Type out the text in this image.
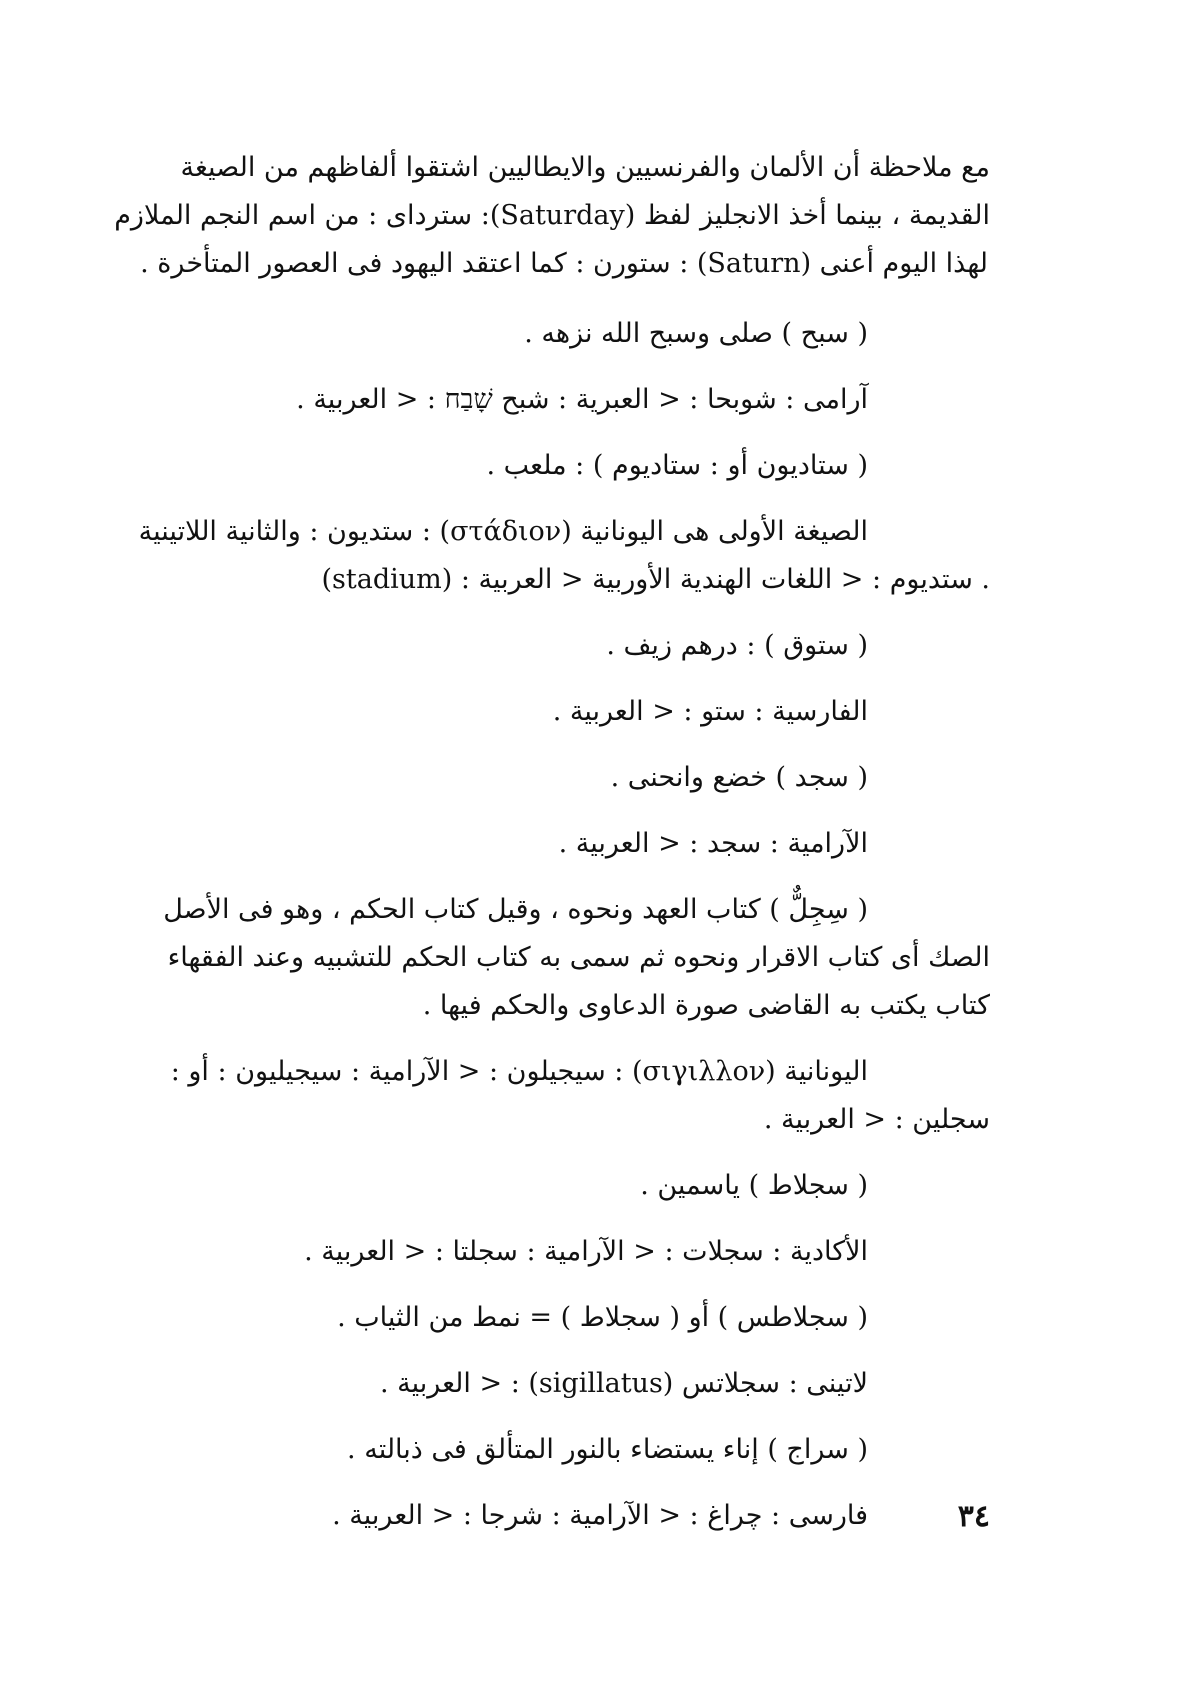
مع ملاحظة أن الألمان والفرنسيين والايطاليين اشتقوا ألفاظهم من الصيغة
القديمة ، بينما أخذ الانجليز لفظ (Saturday): ستردای : من اسم النجم الملازم
لهذا اليوم أعنی (Saturn) : ستورن : كما اعتقد اليهود فی العصور المتأخرة .
( سبح ) صلى وسبح الله نزهه .
آرامی : شوبحا : < العبرية : شبح שָׁבַח : < العربية .
( ستاديون أو : ستاديوم ) : ملعب .
الصيغة الأولى هی اليونانية (στάδιον) : ستديون : والثانية اللاتينية
(stadium) : ستديوم : < اللغات الهندية الأوربية < العربية .
( ستوق ) : درهم زيف .
الفارسية : ستو : < العربية .
( سجد ) خضع وانحنى .
الآرامية : سجد : < العربية .
( سِجِلٌّ ) كتاب العهد ونحوه ، وقيل كتاب الحكم ، وهو فی الأصل
الصك أی كتاب الاقرار ونحوه ثم سمی به كتاب الحكم للتشبيه وعند الفقهاء
كتاب يكتب به القاضی صورة الدعاوی والحكم فيها .
اليونانية (σιγιλλον) : سيجيلون : < الآرامية : سيجيليون : أو :
سجلين : < العربية .
( سجلاط ) ياسمين .
الأكادية : سجلات : < الآرامية : سجلتا : < العربية .
( سجلاطس ) أو ( سجلاط ) = نمط من الثياب .
لاتينی : سجلاتس (sigillatus) : < العربية .
( سراج ) إناء يستضاء بالنور المتألق فی ذبالته .
فارسی : چراغ : < الآرامية : شرجا : < العربية .	٣٤
